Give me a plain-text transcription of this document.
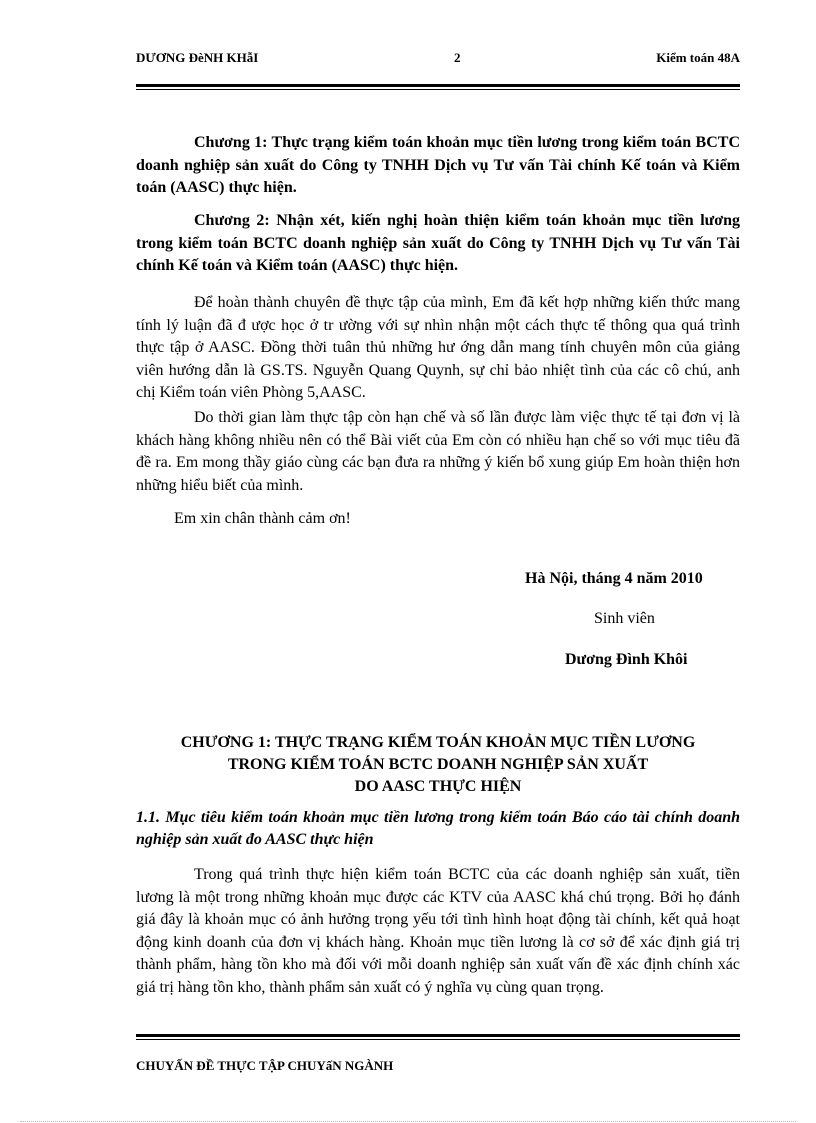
DƯƠNG ĐèNH KHẫI	2	Kiểm toán 48A

Chương 1: Thực trạng kiểm toán khoản mục tiền lương trong kiểm toán BCTC doanh nghiệp sản xuất do Công ty TNHH Dịch vụ Tư vấn Tài chính Kế toán và Kiểm toán (AASC) thực hiện.

Chương 2: Nhận xét, kiến nghị hoàn thiện kiểm toán khoản mục tiền lương trong kiểm toán BCTC doanh nghiệp sản xuất do Công ty TNHH Dịch vụ Tư vấn Tài chính Kế toán và Kiểm toán (AASC) thực hiện.

Để hoàn thành chuyên đề thực tập của mình, Em đã kết hợp những kiến thức mang tính lý luận đã đ ược học ở tr ường với sự nhìn nhận một cách thực tế thông qua quá trình thực tập ở AASC. Đồng thời tuân thủ những hư ớng dẫn mang tính chuyên môn của giảng viên hướng dẫn là GS.TS. Nguyễn Quang Quynh, sự chỉ bảo nhiệt tình của các cô chú, anh chị Kiểm toán viên Phòng 5,AASC.

Do thời gian làm thực tập còn hạn chế và số lần được làm việc thực tế tại đơn vị là khách hàng không nhiều nên có thể Bài viết của Em còn có nhiều hạn chế so với mục tiêu đã đề ra. Em mong thầy giáo cùng các bạn đưa ra những ý kiến bổ xung giúp Em hoàn thiện hơn những hiểu biết của mình.

Em xin chân thành cảm ơn!

Hà Nội, tháng 4 năm 2010

Sinh viên

Dương Đình Khôi

CHƯƠNG 1: THỰC TRẠNG KIỂM TOÁN KHOẢN MỤC TIỀN LƯƠNG
TRONG KIỂM TOÁN BCTC DOANH NGHIỆP SẢN XUẤT
DO AASC THỰC HIỆN

1.1. Mục tiêu kiểm toán khoản mục tiền lương trong kiểm toán Báo cáo tài chính doanh nghiệp sản xuất đo AASC thực hiện

Trong quá trình thực hiện kiểm toán BCTC của các doanh nghiệp sản xuất, tiền lương là một trong những khoản mục được các KTV của AASC khá chú trọng. Bởi họ đánh giá đây là khoản mục có ảnh hưởng trọng yếu tới tình hình hoạt động tài chính, kết quả hoạt động kinh doanh của đơn vị khách hàng. Khoản mục tiền lương là cơ sở để xác định giá trị thành phẩm, hàng tồn kho mà đối với mỗi doanh nghiệp sản xuất vấn đề xác định chính xác giá trị hàng tồn kho, thành phẩm sản xuất có ý nghĩa vụ cùng quan trọng.

CHUYẤN ĐỀ THỰC TẬP CHUYấN NGÀNH
